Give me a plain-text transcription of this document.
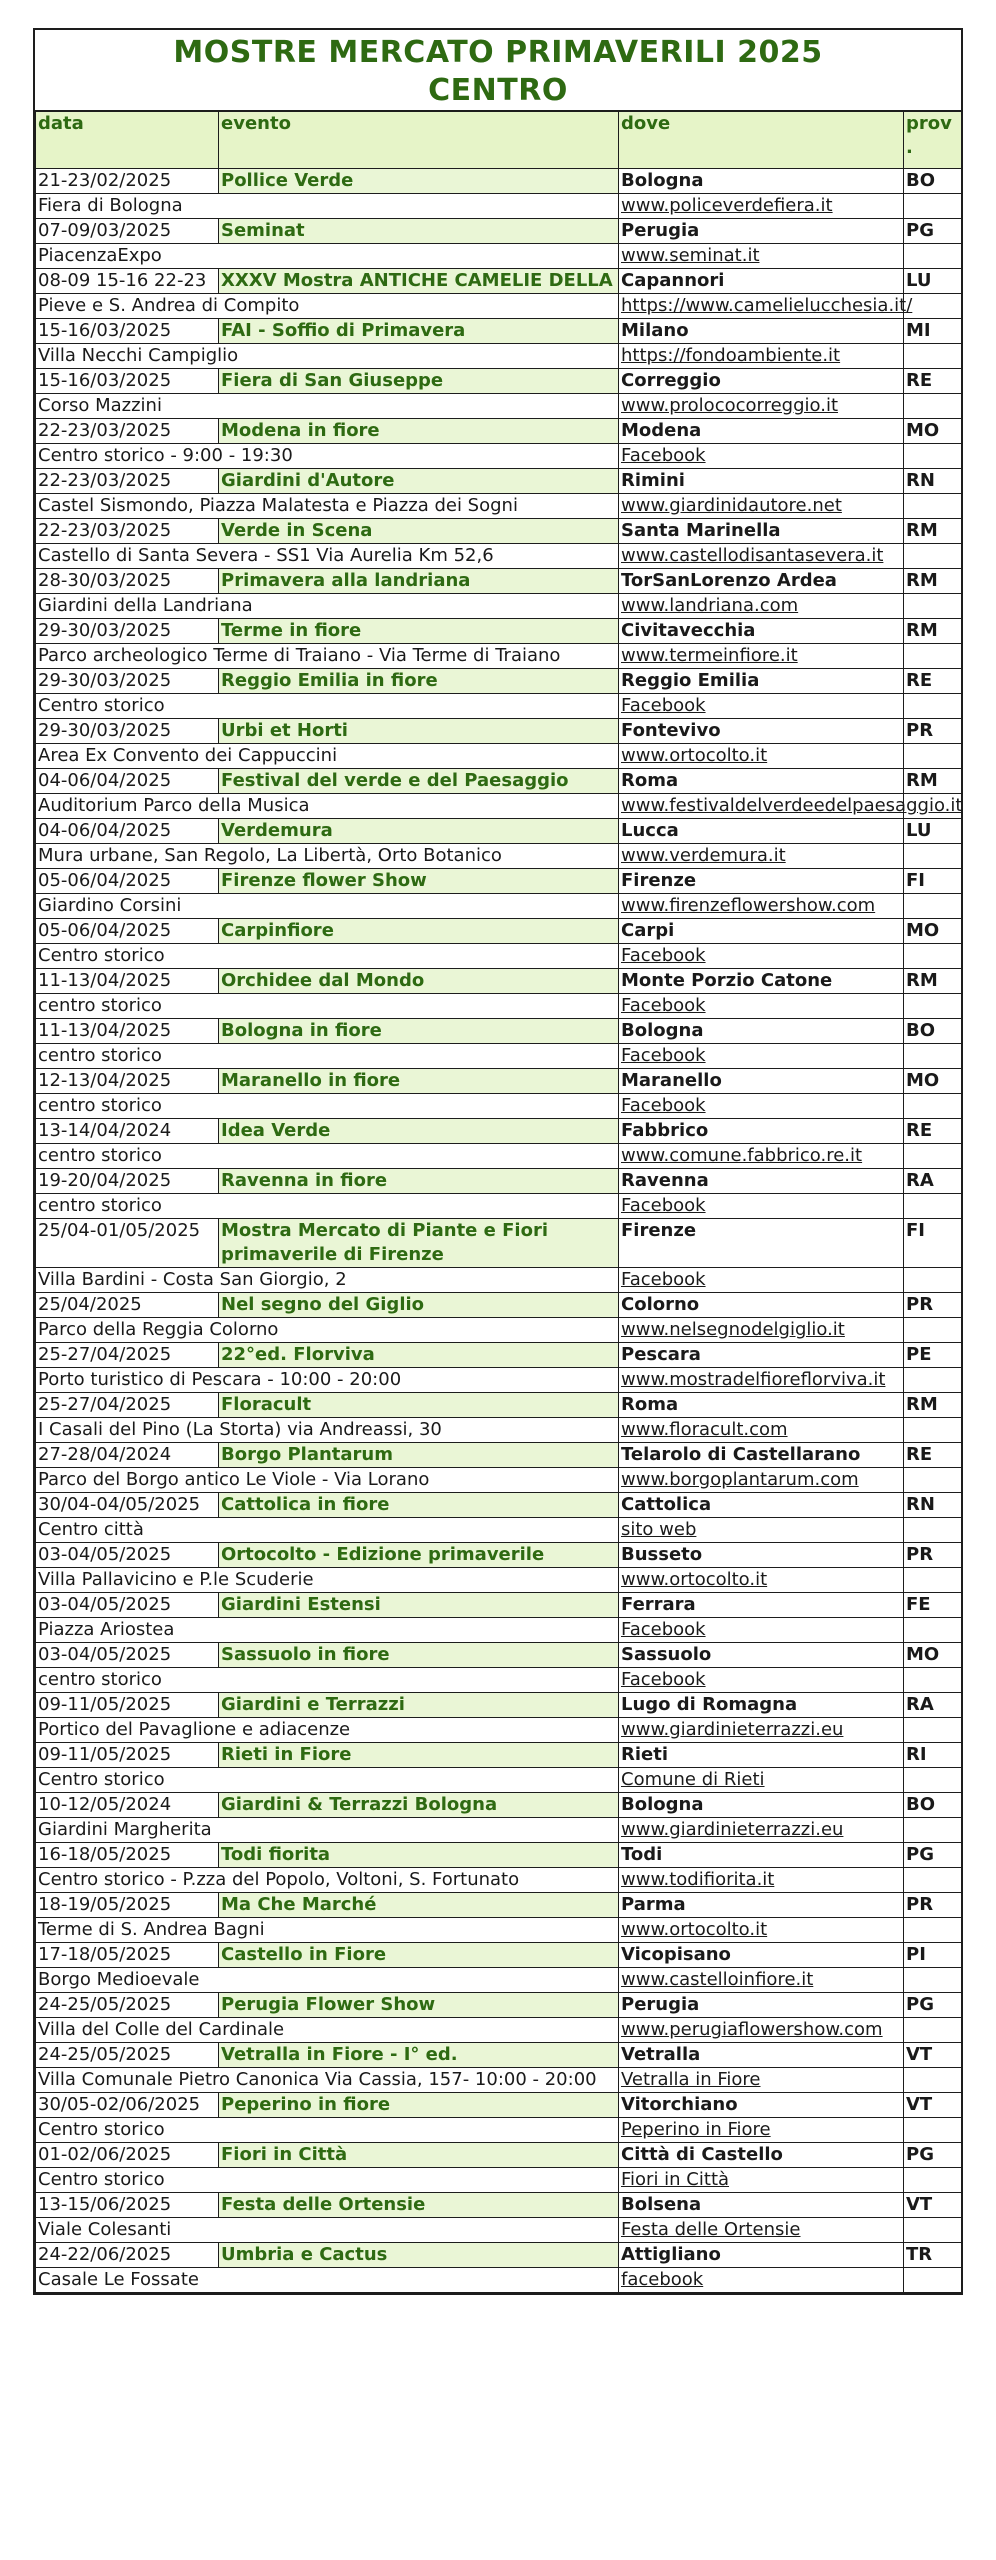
MOSTRE MERCATO PRIMAVERILI 2025
CENTRO
data	evento	dove	prov .
21-23/02/2025	Pollice Verde	Bologna	BO
Fiera di Bologna		www.policeverdefiera.it	
07-09/03/2025	Seminat	Perugia	PG
PiacenzaExpo		www.seminat.it	
08-09 15-16 22-23	XXXV Mostra ANTICHE CAMELIE DELLA	Capannori	LU
Pieve e S. Andrea di Compito		https://www.camelielucchesia.it/	
15-16/03/2025	FAI - Soffio di Primavera	Milano	MI
Villa Necchi Campiglio		https://fondoambiente.it	
15-16/03/2025	Fiera di San Giuseppe	Correggio	RE
Corso Mazzini		www.prolococorreggio.it	
22-23/03/2025	Modena in fiore	Modena	MO
Centro storico - 9:00 - 19:30		Facebook	
22-23/03/2025	Giardini d'Autore	Rimini	RN
Castel Sismondo, Piazza Malatesta e Piazza dei Sogni		www.giardinidautore.net	
22-23/03/2025	Verde in Scena	Santa Marinella	RM
Castello di Santa Severa - SS1 Via Aurelia Km 52,6		www.castellodisantasevera.it	
28-30/03/2025	Primavera alla landriana	TorSanLorenzo Ardea	RM
Giardini della Landriana		www.landriana.com	
29-30/03/2025	Terme in fiore	Civitavecchia	RM
Parco archeologico Terme di Traiano - Via Terme di Traiano		www.termeinfiore.it	
29-30/03/2025	Reggio Emilia in fiore	Reggio Emilia	RE
Centro storico		Facebook	
29-30/03/2025	Urbi et Horti	Fontevivo	PR
Area Ex Convento dei Cappuccini		www.ortocolto.it	
04-06/04/2025	Festival del verde e del Paesaggio	Roma	RM
Auditorium Parco della Musica		www.festivaldelverdeedelpaesaggio.it	
04-06/04/2025	Verdemura	Lucca	LU
Mura urbane, San Regolo, La Libertà, Orto Botanico		www.verdemura.it	
05-06/04/2025	Firenze flower Show	Firenze	FI
Giardino Corsini		www.firenzeflowershow.com	
05-06/04/2025	Carpinfiore	Carpi	MO
Centro storico		Facebook	
11-13/04/2025	Orchidee dal Mondo	Monte Porzio Catone	RM
centro storico		Facebook	
11-13/04/2025	Bologna in fiore	Bologna	BO
centro storico		Facebook	
12-13/04/2025	Maranello in fiore	Maranello	MO
centro storico		Facebook	
13-14/04/2024	Idea Verde	Fabbrico	RE
centro storico		www.comune.fabbrico.re.it	
19-20/04/2025	Ravenna in fiore	Ravenna	RA
centro storico		Facebook	
25/04-01/05/2025	Mostra Mercato di Piante e Fiori primaverile di Firenze	Firenze	FI
Villa Bardini - Costa San Giorgio, 2		Facebook	
25/04/2025	Nel segno del Giglio	Colorno	PR
Parco della Reggia Colorno		www.nelsegnodelgiglio.it	
25-27/04/2025	22°ed. Florviva	Pescara	PE
Porto turistico di Pescara - 10:00 - 20:00		www.mostradelfioreflorviva.it	
25-27/04/2025	Floracult	Roma	RM
I Casali del Pino (La Storta) via Andreassi, 30		www.floracult.com	
27-28/04/2024	Borgo Plantarum	Telarolo di Castellarano	RE
Parco del Borgo antico Le Viole - Via Lorano		www.borgoplantarum.com	
30/04-04/05/2025	Cattolica in fiore	Cattolica	RN
Centro città		sito web	
03-04/05/2025	Ortocolto - Edizione primaverile	Busseto	PR
Villa Pallavicino e P.le Scuderie		www.ortocolto.it	
03-04/05/2025	Giardini Estensi	Ferrara	FE
Piazza Ariostea		Facebook	
03-04/05/2025	Sassuolo in fiore	Sassuolo	MO
centro storico		Facebook	
09-11/05/2025	Giardini e Terrazzi	Lugo di Romagna	RA
Portico del Pavaglione e adiacenze		www.giardinieterrazzi.eu	
09-11/05/2025	Rieti in Fiore	Rieti	RI
Centro storico		Comune di Rieti	
10-12/05/2024	Giardini & Terrazzi Bologna	Bologna	BO
Giardini Margherita		www.giardinieterrazzi.eu	
16-18/05/2025	Todi fiorita	Todi	PG
Centro storico - P.zza del Popolo, Voltoni, S. Fortunato		www.todifiorita.it	
18-19/05/2025	Ma Che Marché	Parma	PR
Terme di S. Andrea Bagni		www.ortocolto.it	
17-18/05/2025	Castello in Fiore	Vicopisano	PI
Borgo Medioevale		www.castelloinfiore.it	
24-25/05/2025	Perugia Flower Show	Perugia	PG
Villa del Colle del Cardinale		www.perugiaflowershow.com	
24-25/05/2025	Vetralla in Fiore - I° ed.	Vetralla	VT
Villa Comunale Pietro Canonica Via Cassia, 157- 10:00 - 20:00		Vetralla in Fiore	
30/05-02/06/2025	Peperino in fiore	Vitorchiano	VT
Centro storico		Peperino in Fiore	
01-02/06/2025	Fiori in Città	Città di Castello	PG
Centro storico		Fiori in Città	
13-15/06/2025	Festa delle Ortensie	Bolsena	VT
Viale Colesanti		Festa delle Ortensie	
24-22/06/2025	Umbria e Cactus	Attigliano	TR
Casale Le Fossate		facebook	
